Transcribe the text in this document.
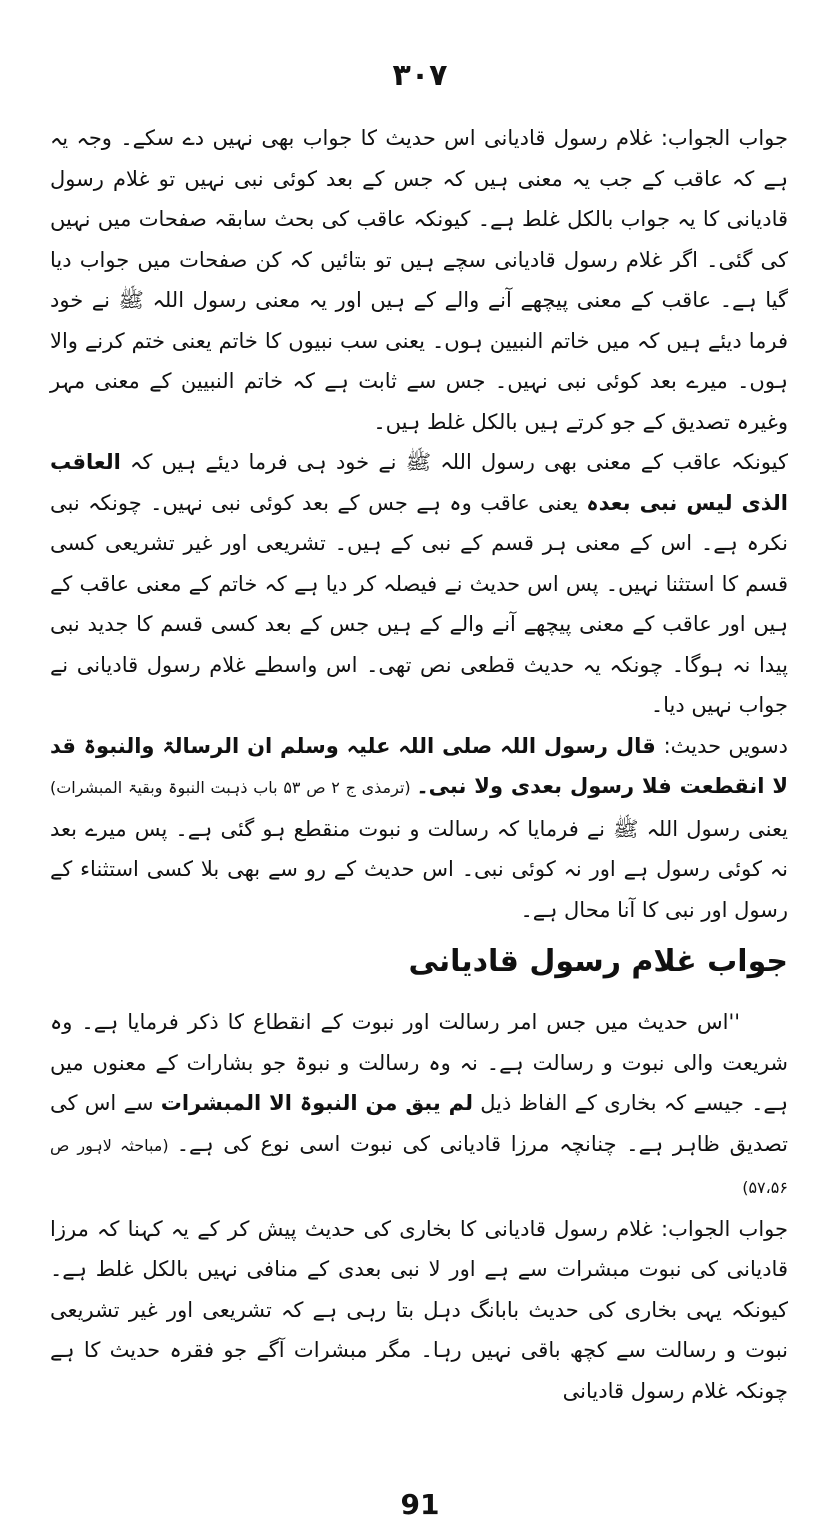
۳۰۷

جواب الجواب: غلام رسول قادیانی اس حدیث کا جواب بھی نہیں دے سکے۔ وجہ یہ ہے کہ عاقب کے جب یہ معنی ہیں کہ جس کے بعد کوئی نبی نہیں تو غلام رسول قادیانی کا یہ جواب بالکل غلط ہے۔ کیونکہ عاقب کی بحث سابقہ صفحات میں نہیں کی گئی۔ اگر غلام رسول قادیانی سچے ہیں تو بتائیں کہ کن صفحات میں جواب دیا گیا ہے۔ عاقب کے معنی پیچھے آنے والے کے ہیں اور یہ معنی رسول اللہ ﷺ نے خود فرما دیئے ہیں کہ میں خاتم النبیین ہوں۔ یعنی سب نبیوں کا خاتم یعنی ختم کرنے والا ہوں۔ میرے بعد کوئی نبی نہیں۔ جس سے ثابت ہے کہ خاتم النبیین کے معنی مہر وغیرہ تصدیق کے جو کرتے ہیں بالکل غلط ہیں۔

کیونکہ عاقب کے معنی بھی رسول اللہ ﷺ نے خود ہی فرما دیئے ہیں کہ العاقب الذی لیس نبی بعدہ یعنی عاقب وہ ہے جس کے بعد کوئی نبی نہیں۔ چونکہ نبی نکرہ ہے۔ اس کے معنی ہر قسم کے نبی کے ہیں۔ تشریعی اور غیر تشریعی کسی قسم کا استثنا نہیں۔ پس اس حدیث نے فیصلہ کر دیا ہے کہ خاتم کے معنی عاقب کے ہیں اور عاقب کے معنی پیچھے آنے والے کے ہیں جس کے بعد کسی قسم کا جدید نبی پیدا نہ ہوگا۔ چونکہ یہ حدیث قطعی نص تھی۔ اس واسطے غلام رسول قادیانی نے جواب نہیں دیا۔

دسویں حدیث: قال رسول اللہ صلی اللہ علیہ وسلم ان الرسالۃ والنبوۃ قد لا انقطعت فلا رسول بعدی ولا نبی۔ (ترمذی ج ۲ ص ۵۳ باب ذہبت النبوۃ وبقیۃ المبشرات) یعنی رسول اللہ ﷺ نے فرمایا کہ رسالت و نبوت منقطع ہو گئی ہے۔ پس میرے بعد نہ کوئی رسول ہے اور نہ کوئی نبی۔ اس حدیث کے رو سے بھی بلا کسی استثناء کے رسول اور نبی کا آنا محال ہے۔

جواب غلام رسول قادیانی

''اس حدیث میں جس امر رسالت اور نبوت کے انقطاع کا ذکر فرمایا ہے۔ وہ شریعت والی نبوت و رسالت ہے۔ نہ وہ رسالت و نبوۃ جو بشارات کے معنوں میں ہے۔ جیسے کہ بخاری کے الفاظ ذیل لم یبق من النبوۃ الا المبشرات سے اس کی تصدیق ظاہر ہے۔ چنانچہ مرزا قادیانی کی نبوت اسی نوع کی ہے۔ (مباحثہ لاہور ص ۵۷،۵۶)

جواب الجواب: غلام رسول قادیانی کا بخاری کی حدیث پیش کر کے یہ کہنا کہ مرزا قادیانی کی نبوت مبشرات سے ہے اور لا نبی بعدی کے منافی نہیں بالکل غلط ہے۔ کیونکہ یہی بخاری کی حدیث بابانگ دہل بتا رہی ہے کہ تشریعی اور غیر تشریعی نبوت و رسالت سے کچھ باقی نہیں رہا۔ مگر مبشرات آگے جو فقرہ حدیث کا ہے چونکہ غلام رسول قادیانی

91
